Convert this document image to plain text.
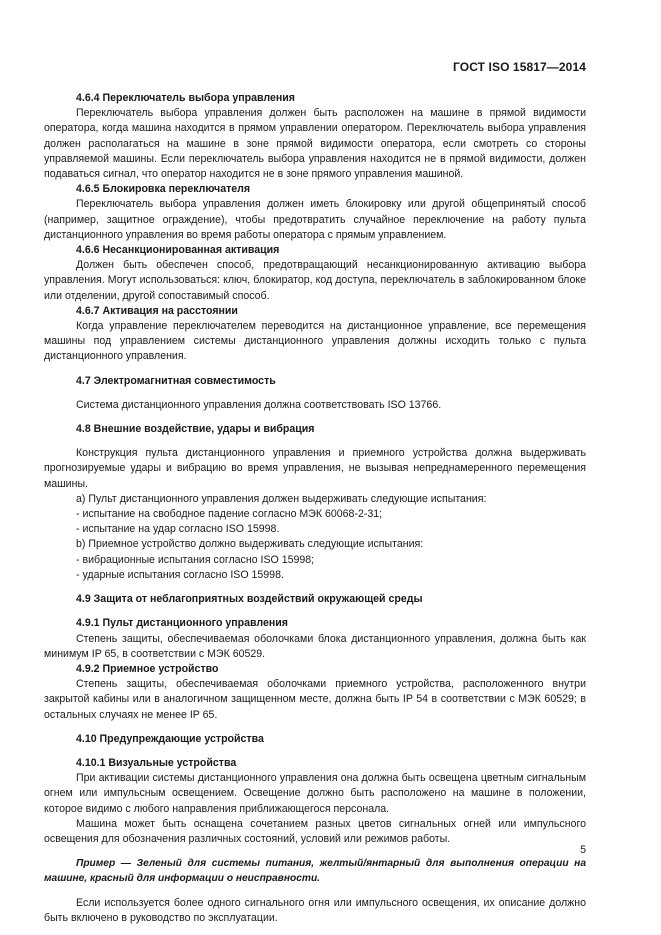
ГОСТ ISO 15817—2014
4.6.4 Переключатель выбора управления
Переключатель выбора управления должен быть расположен на машине в прямой видимости оператора, когда машина находится в прямом управлении оператором. Переключатель выбора управления должен располагаться на машине в зоне прямой видимости оператора, если смотреть со стороны управляемой машины. Если переключатель выбора управления находится не в прямой видимости, должен подаваться сигнал, что оператор находится не в зоне прямого управления машиной.
4.6.5 Блокировка переключателя
Переключатель выбора управления должен иметь блокировку или другой общепринятый способ (например, защитное ограждение), чтобы предотвратить случайное переключение на работу пульта дистанционного управления во время работы оператора с прямым управлением.
4.6.6 Несанкционированная активация
Должен быть обеспечен способ, предотвращающий несанкционированную активацию выбора управления. Могут использоваться: ключ, блокиратор, код доступа, переключатель в заблокированном блоке или отделении, другой сопоставимый способ.
4.6.7 Активация на расстоянии
Когда управление переключателем переводится на дистанционное управление, все перемещения машины под управлением системы дистанционного управления должны исходить только с пульта дистанционного управления.
4.7 Электромагнитная совместимость
Система дистанционного управления должна соответствовать ISO 13766.
4.8 Внешние воздействие, удары и вибрация
Конструкция пульта дистанционного управления и приемного устройства должна выдерживать прогнозируемые удары и вибрацию во время управления, не вызывая непреднамеренного перемещения машины.
a) Пульт дистанционного управления должен выдерживать следующие испытания:
- испытание на свободное падение согласно МЭК 60068-2-31;
- испытание на удар согласно ISO 15998.
b) Приемное устройство должно выдерживать следующие испытания:
- вибрационные испытания согласно ISO 15998;
- ударные испытания согласно ISO 15998.
4.9 Защита от неблагоприятных воздействий окружающей среды
4.9.1 Пульт дистанционного управления
Степень защиты, обеспечиваемая оболочками блока дистанционного управления, должна быть как минимум IP 65, в соответствии с МЭК 60529.
4.9.2 Приемное устройство
Степень защиты, обеспечиваемая оболочками приемного устройства, расположенного внутри закрытой кабины или в аналогичном защищенном месте, должна быть IP 54 в соответствии с МЭК 60529; в остальных случаях не менее IP 65.
4.10 Предупреждающие устройства
4.10.1 Визуальные устройства
При активации системы дистанционного управления она должна быть освещена цветным сигнальным огнем или импульсным освещением. Освещение должно быть расположено на машине в положении, которое видимо с любого направления приближающегося персонала.
Машина может быть оснащена сочетанием разных цветов сигнальных огней или импульсного освещения для обозначения различных состояний, условий или режимов работы.
Пример — Зеленый для системы питания, желтый/янтарный для выполнения операции на машине, красный для информации о неисправности.
Если используется более одного сигнального огня или импульсного освещения, их описание должно быть включено в руководство по эксплуатации.
5
